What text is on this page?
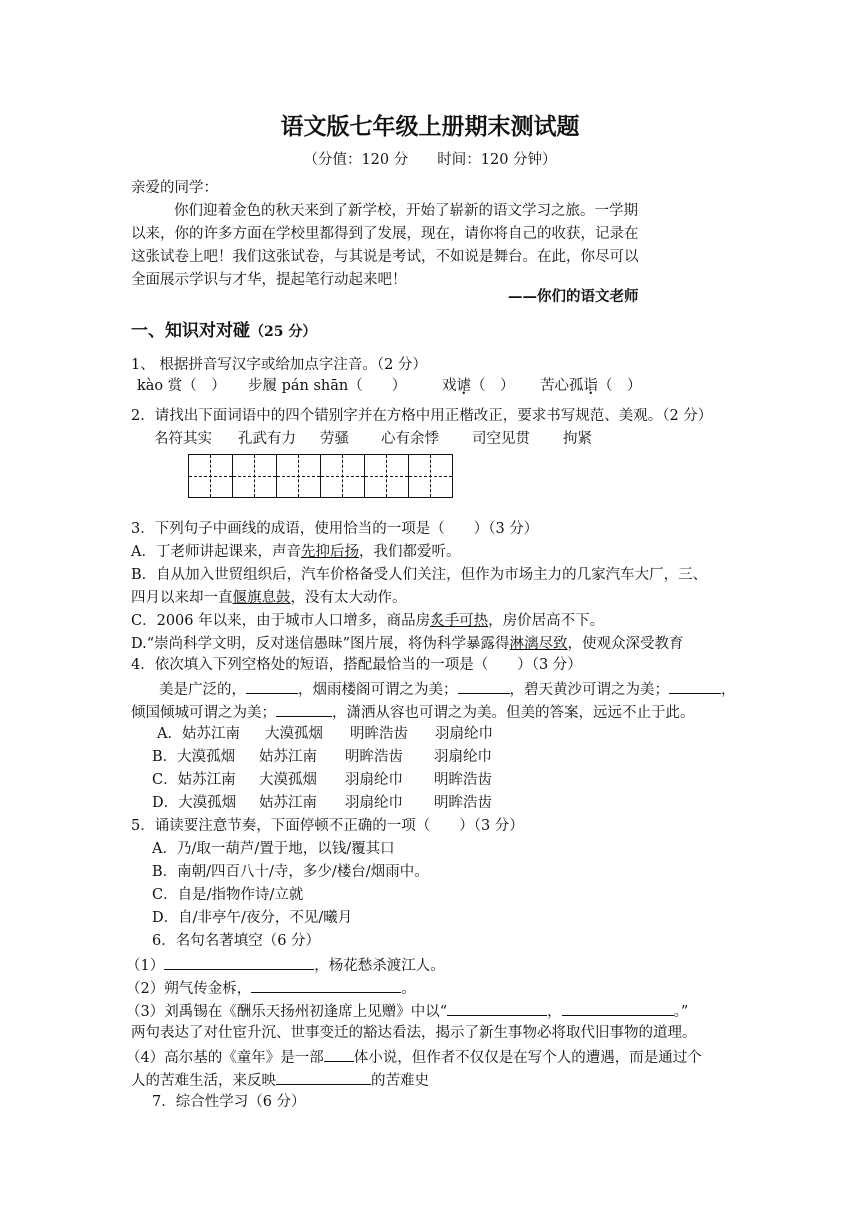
语文版七年级上册期末测试题
（分值：120 分　　时间：120 分钟）
亲爱的同学：
你们迎着金色的秋天来到了新学校，开始了崭新的语文学习之旅。一学期
以来，你的许多方面在学校里都得到了发展，现在，请你将自己的收获，记录在
这张试卷上吧！我们这张试卷，与其说是考试，不如说是舞台。在此，你尽可以
全面展示学识与才华，提起笔行动起来吧！
——你们的语文老师
一、知识对对碰（25 分）
1、 根据拼音写汉字或给加点字注音。（2 分）
kào 赏（　） 步履 pán shān（　　） 戏谑（　） 苦心孤诣（　）
2．请找出下面词语中的四个错别字并在方格中用正楷改正，要求书写规范、美观。（2 分）
名符其实 孔武有力 劳骚 心有余悸 司空见贯 拘紧
3．下列句子中画线的成语，使用恰当的一项是（　　）（3 分）
A．丁老师讲起课来，声音先抑后扬，我们都爱听。
B．自从加入世贸组织后，汽车价格备受人们关注，但作为市场主力的几家汽车大厂，三、
四月以来却一直偃旗息鼓，没有太大动作。
C．2006 年以来，由于城市人口增多，商品房炙手可热，房价居高不下。
D.“崇尚科学文明，反对迷信愚昧”图片展，将伪科学暴露得淋漓尽致，使观众深受教育
4．依次填入下列空格处的短语，搭配最恰当的一项是（　　）（3 分）
美是广泛的，	，烟雨楼阁可谓之为美；	，碧天黄沙可谓之为美；	，
倾国倾城可谓之为美；	，潇洒从容也可谓之为美。但美的答案，远远不止于此。
A．姑苏江南 大漠孤烟 明眸浩齿 羽扇纶巾
B．大漠孤烟 姑苏江南 明眸浩齿 羽扇纶巾
C．姑苏江南 大漠孤烟 羽扇纶巾 明眸浩齿
D．大漠孤烟 姑苏江南 羽扇纶巾 明眸浩齿
5．诵读要注意节奏，下面停顿不正确的一项（　　）（3 分）
A．乃/取一葫芦/置于地，以钱/覆其口
B．南朝/四百八十/寺，多少/楼台/烟雨中。
C．自是/指物作诗/立就
D．自/非亭午/夜分，不见/曦月
6．名句名著填空（6 分）
（1）	，杨花愁杀渡江人。
（2）朔气传金柝，	。
（3）刘禹锡在《酬乐天扬州初逢席上见赠》中以“	，	。”
两句表达了对仕宦升沉、世事变迁的豁达看法，揭示了新生事物必将取代旧事物的道理。
（4）高尔基的《童年》是一部 体小说，但作者不仅仅是在写个人的遭遇，而是通过个
人的苦难生活，来反映	的苦难史
7．综合性学习（6 分）
